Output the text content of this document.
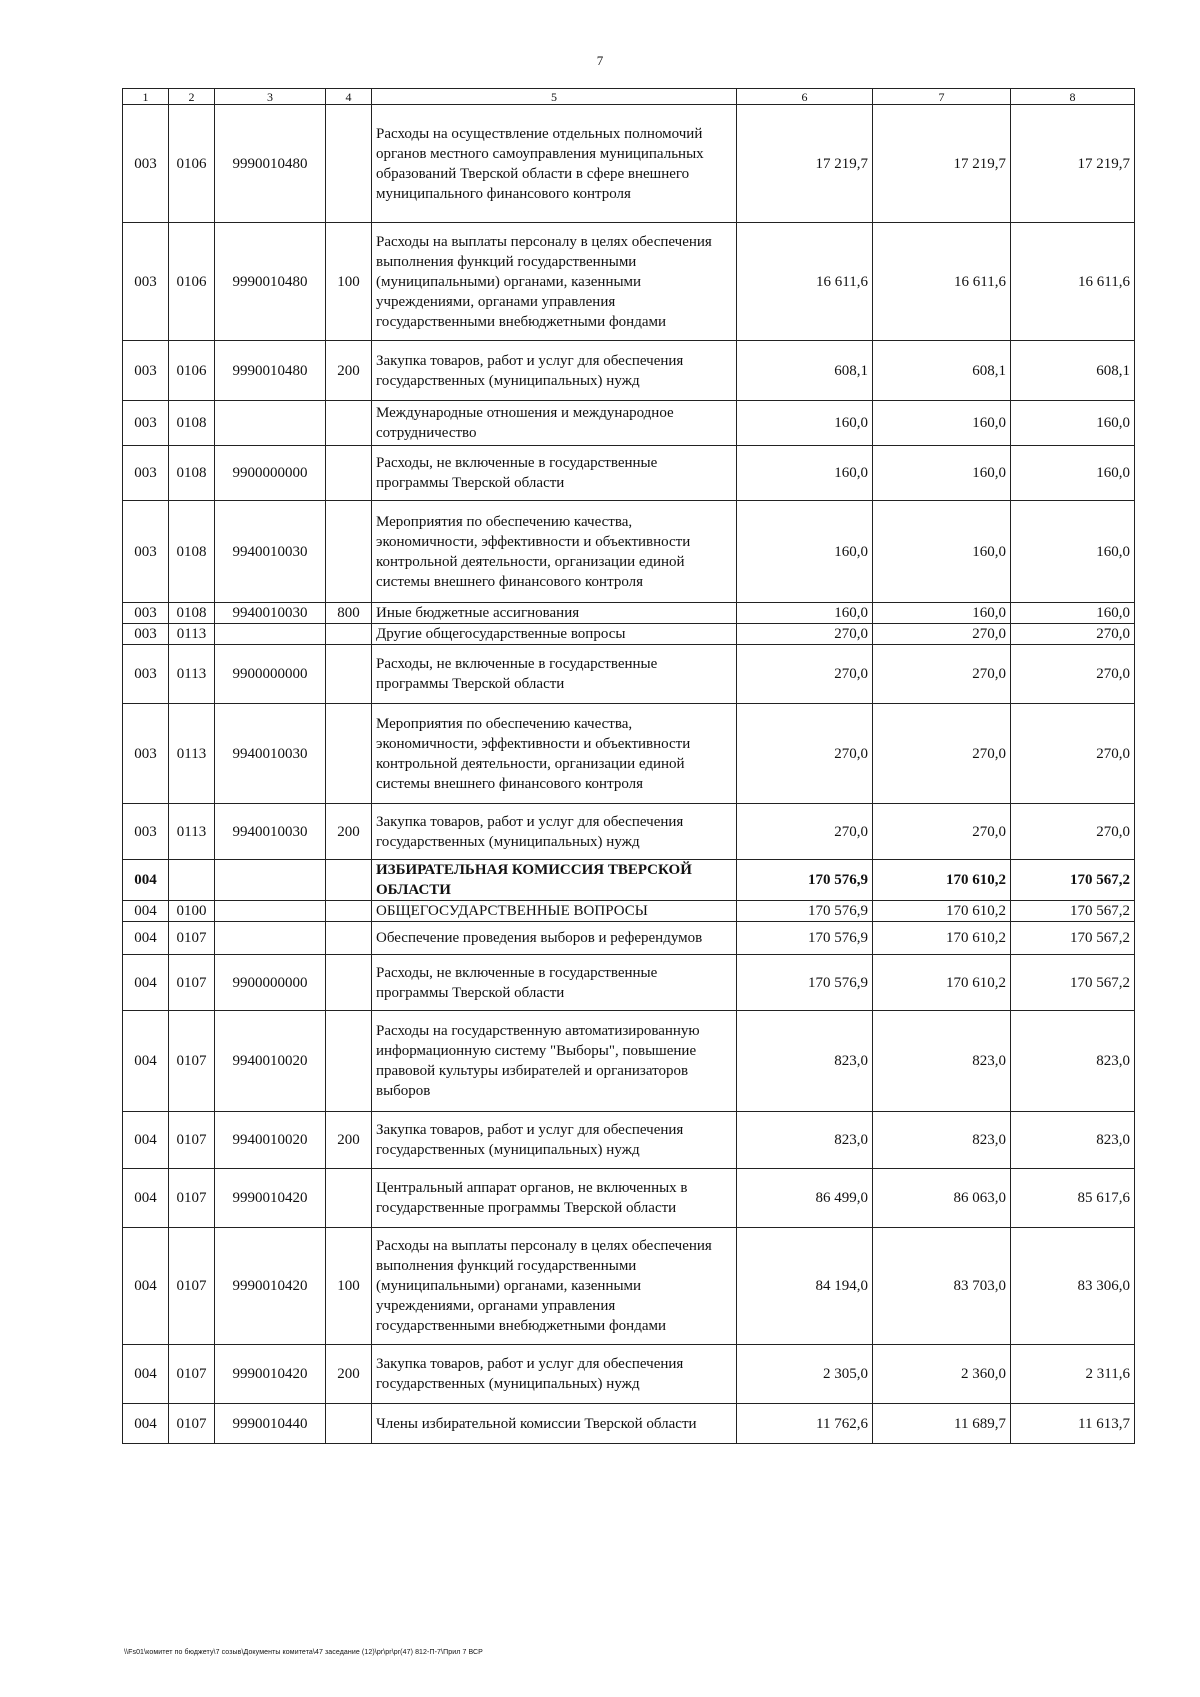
7
1	2	3	4	5	6	7	8
003	0106	9990010480		Расходы на осуществление отдельных полномочий органов местного самоуправления муниципальных образований Тверской области в сфере внешнего муниципального финансового контроля	17 219,7	17 219,7	17 219,7
003	0106	9990010480	100	Расходы на выплаты персоналу в целях обеспечения выполнения функций государственными (муниципальными) органами, казенными учреждениями, органами управления государственными внебюджетными фондами	16 611,6	16 611,6	16 611,6
003	0106	9990010480	200	Закупка товаров, работ и услуг для обеспечения государственных (муниципальных) нужд	608,1	608,1	608,1
003	0108			Международные отношения и международное сотрудничество	160,0	160,0	160,0
003	0108	9900000000		Расходы, не включенные в государственные программы Тверской области	160,0	160,0	160,0
003	0108	9940010030		Мероприятия по обеспечению качества, экономичности, эффективности и объективности контрольной деятельности, организации единой системы внешнего финансового контроля	160,0	160,0	160,0
003	0108	9940010030	800	Иные бюджетные ассигнования	160,0	160,0	160,0
003	0113			Другие общегосударственные вопросы	270,0	270,0	270,0
003	0113	9900000000		Расходы, не включенные в государственные программы Тверской области	270,0	270,0	270,0
003	0113	9940010030		Мероприятия по обеспечению качества, экономичности, эффективности и объективности контрольной деятельности, организации единой системы внешнего финансового контроля	270,0	270,0	270,0
003	0113	9940010030	200	Закупка товаров, работ и услуг для обеспечения государственных (муниципальных) нужд	270,0	270,0	270,0
004				ИЗБИРАТЕЛЬНАЯ КОМИССИЯ ТВЕРСКОЙ ОБЛАСТИ	170 576,9	170 610,2	170 567,2
004	0100			ОБЩЕГОСУДАРСТВЕННЫЕ ВОПРОСЫ	170 576,9	170 610,2	170 567,2
004	0107			Обеспечение проведения выборов и референдумов	170 576,9	170 610,2	170 567,2
004	0107	9900000000		Расходы, не включенные в государственные программы Тверской области	170 576,9	170 610,2	170 567,2
004	0107	9940010020		Расходы на государственную автоматизированную информационную систему "Выборы", повышение правовой культуры избирателей и организаторов выборов	823,0	823,0	823,0
004	0107	9940010020	200	Закупка товаров, работ и услуг для обеспечения государственных (муниципальных) нужд	823,0	823,0	823,0
004	0107	9990010420		Центральный аппарат органов, не включенных в государственные программы Тверской области	86 499,0	86 063,0	85 617,6
004	0107	9990010420	100	Расходы на выплаты персоналу в целях обеспечения выполнения функций государственными (муниципальными) органами, казенными учреждениями, органами управления государственными внебюджетными фондами	84 194,0	83 703,0	83 306,0
004	0107	9990010420	200	Закупка товаров, работ и услуг для обеспечения государственных (муниципальных) нужд	2 305,0	2 360,0	2 311,6
004	0107	9990010440		Члены избирательной комиссии Тверской области	11 762,6	11 689,7	11 613,7
\\Fs01\комитет по бюджету\7 созыв\Документы комитета\47 заседание (12)\pr\pr\pr(47) 812-П-7\Прил 7 ВСР
